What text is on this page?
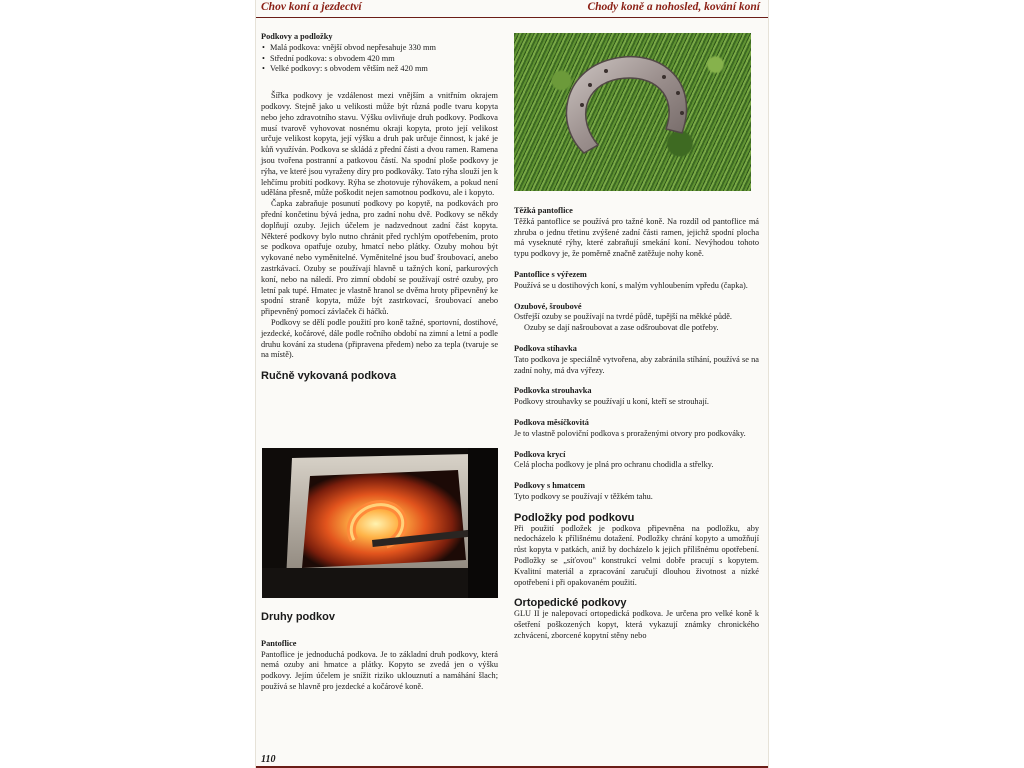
Chov koní a jezdectví	Chody koně a nohosled, kování koní
Podkovy a podložky
• Malá podkova: vnější obvod nepřesahuje 330 mm
• Střední podkova: s obvodem 420 mm
• Velké podkovy: s obvodem větším než 420 mm

Šířka podkovy je vzdálenost mezi vnějším a vnitřním okrajem podkovy. Stejně jako u velikosti může být různá podle tvaru kopyta nebo jeho zdravotního stavu. Výšku ovlivňuje druh podkovy. Podkova musí tvarově vyhovovat nosnému okraji kopyta, proto její velikost určuje velikost kopyta, její výšku a druh pak určuje činnost, k jaké je kůň využíván. Podkova se skládá z přední části a dvou ramen. Ramena jsou tvořena postranní a patkovou částí. Na spodní ploše podkovy je rýha, ve které jsou vyraženy díry pro podkováky. Tato rýha slouží jen k lehčímu probití podkovy. Rýha se zhotovuje rýhovákem, a pokud není udělána přesně, může poškodit nejen samotnou podkovu, ale i kopyto.

Čapka zabraňuje posunutí podkovy po kopytě, na podkovách pro přední končetinu bývá jedna, pro zadní nohu dvě. Podkovy se někdy doplňují ozuby. Jejich účelem je nadzvednout zadní část kopyta. Některé podkovy bylo nutno chránit před rychlým opotřebením, proto se podkova opatřuje ozuby, hmatcí nebo plátky. Ozuby mohou být vykované nebo vyměnitelné. Vyměnitelné jsou buď šroubovací, anebo zastrkávací. Ozuby se používají hlavně u tažných koní, parkurových koní, nebo na náledí. Pro zimní období se používají ostré ozuby, pro letní pak tupé. Hmatec je vlastně hranol se dvěma hroty připevněný ke spodní straně kopyta, může být zastrkovací, šroubovací anebo připevněný pomocí závlaček či háčků.

Podkovy se dělí podle použití pro koně tažné, sportovní, dostihové, jezdecké, kočárové, dále podle ročního období na zimní a letní a podle druhu kování za studena (připravena předem) nebo za tepla (tvaruje se na místě).

Ručně vykovaná podkova
Druhy podkov
Pantoflice

Pantoflice je jednoduchá podkova. Je to základní druh podkovy, která nemá ozuby ani hmatce a plátky. Kopyto se zvedá jen o výšku podkovy. Jejím účelem je snížit riziko uklouznutí a namáhání šlach; používá se hlavně pro jezdecké a kočárové koně.

Těžká pantoflice

Těžká pantoflice se používá pro tažné koně. Na rozdíl od pantoflice má zhruba o jednu třetinu zvýšené zadní části ramen, jejichž spodní plocha má vyseknuté rýhy, které zabraňují smekání koní. Nevýhodou tohoto typu podkovy je, že poměrně značně zatěžuje nohy koně.

Pantoflice s výřezem

Používá se u dostihových koní, s malým vyhloubením vpředu (čapka).

Ozubové, šroubové

Ostřejší ozuby se používají na tvrdé půdě, tupější na měkké půdě.

Ozuby se dají našroubovat a zase odšroubovat dle potřeby.

Podkova stíhavka

Tato podkova je speciálně vytvořena, aby zabránila stíhání, používá se na zadní nohy, má dva výřezy.

Podkovka strouhavka

Podkovy strouhavky se používají u koní, kteří se strouhají.

Podkova měsíčkovitá

Je to vlastně poloviční podkova s proraženými otvory pro podkováky.

Podkova krycí

Celá plocha podkovy je plná pro ochranu chodidla a střelky.

Podkovy s hmatcem

Tyto podkovy se používají v těžkém tahu.

Podložky pod podkovu

Při použití podložek je podkova připevněna na podložku, aby nedocházelo k přílišnému dotažení. Podložky chrání kopyto a umožňují růst kopyta v patkách, aniž by docházelo k jejich přílišnému opotřebení. Podložky se „síťovou" konstrukcí velmi dobře pracují s kopytem. Kvalitní materiál a zpracování zaručují dlouhou životnost a nízké opotřebení i při opakovaném použití.

Ortopedické podkovy

GLU II je nalepovací ortopedická podkova. Je určena pro velké koně k ošetření poškozených kopyt, která vykazují známky chronického zchvácení, zborcené kopytní stěny nebo

110
